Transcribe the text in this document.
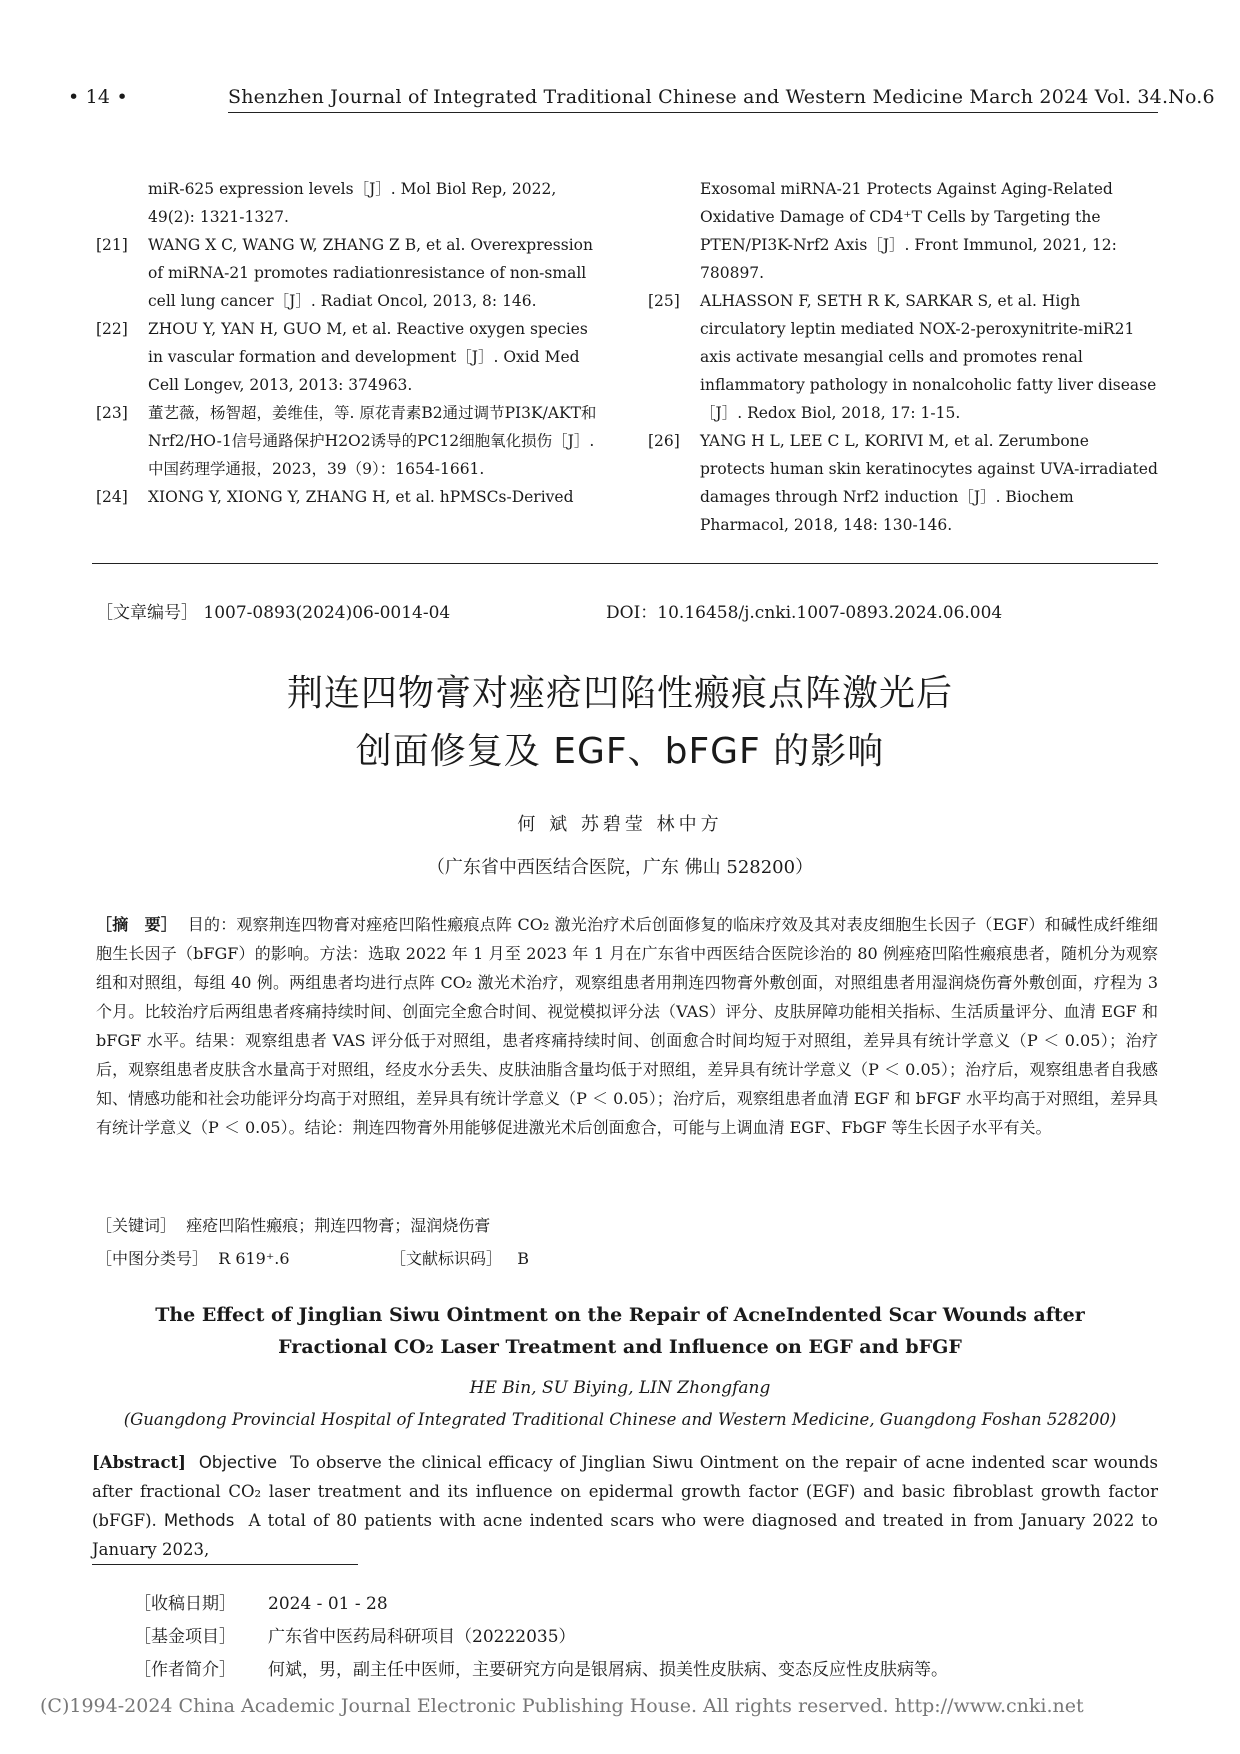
• 14 •	Shenzhen Journal of Integrated Traditional Chinese and Western Medicine March 2024 Vol. 34.No.6
miR-625 expression levels［J］. Mol Biol Rep, 2022, 49(2): 1321-1327.
[21]	WANG X C, WANG W, ZHANG Z B, et al. Overexpression of miRNA-21 promotes radiationresistance of non-small cell lung cancer［J］. Radiat Oncol, 2013, 8: 146.
[22]	ZHOU Y, YAN H, GUO M, et al. Reactive oxygen species in vascular formation and development［J］. Oxid Med Cell Longev, 2013, 2013: 374963.
[23]	董艺薇，杨智超，姜维佳，等. 原花青素B2通过调节PI3K/AKT和Nrf2/HO-1信号通路保护H2O2诱导的PC12细胞氧化损伤［J］. 中国药理学通报，2023，39（9）：1654-1661.
[24]	XIONG Y, XIONG Y, ZHANG H, et al. hPMSCs-Derived
Exosomal miRNA-21 Protects Against Aging-Related Oxidative Damage of CD4⁺T Cells by Targeting the PTEN/PI3K-Nrf2 Axis［J］. Front Immunol, 2021, 12: 780897.
[25]	ALHASSON F, SETH R K, SARKAR S, et al. High circulatory leptin mediated NOX-2-peroxynitrite-miR21 axis activate mesangial cells and promotes renal inflammatory pathology in nonalcoholic fatty liver disease［J］. Redox Biol, 2018, 17: 1-15.
[26]	YANG H L, LEE C L, KORIVI M, et al. Zerumbone protects human skin keratinocytes against UVA-irradiated damages through Nrf2 induction［J］. Biochem Pharmacol, 2018, 148: 130-146.
［文章编号］ 1007-0893(2024)06-0014-04	DOI：10.16458/j.cnki.1007-0893.2024.06.004
荆连四物膏对痤疮凹陷性瘢痕点阵激光后
创面修复及 EGF、bFGF 的影响
何 斌 苏碧莹 林中方
（广东省中西医结合医院，广东 佛山 528200）
［摘　要］ 目的：观察荆连四物膏对痤疮凹陷性瘢痕点阵 CO₂ 激光治疗术后创面修复的临床疗效及其对表皮细胞生长因子（EGF）和碱性成纤维细胞生长因子（bFGF）的影响。方法：选取 2022 年 1 月至 2023 年 1 月在广东省中西医结合医院诊治的 80 例痤疮凹陷性瘢痕患者，随机分为观察组和对照组，每组 40 例。两组患者均进行点阵 CO₂ 激光术治疗，观察组患者用荆连四物膏外敷创面，对照组患者用湿润烧伤膏外敷创面，疗程为 3 个月。比较治疗后两组患者疼痛持续时间、创面完全愈合时间、视觉模拟评分法（VAS）评分、皮肤屏障功能相关指标、生活质量评分、血清 EGF 和 bFGF 水平。结果：观察组患者 VAS 评分低于对照组，患者疼痛持续时间、创面愈合时间均短于对照组，差异具有统计学意义（P ＜ 0.05）；治疗后，观察组患者皮肤含水量高于对照组，经皮水分丢失、皮肤油脂含量均低于对照组，差异具有统计学意义（P ＜ 0.05）；治疗后，观察组患者自我感知、情感功能和社会功能评分均高于对照组，差异具有统计学意义（P ＜ 0.05）；治疗后，观察组患者血清 EGF 和 bFGF 水平均高于对照组，差异具有统计学意义（P ＜ 0.05）。结论：荆连四物膏外用能够促进激光术后创面愈合，可能与上调血清 EGF、FbGF 等生长因子水平有关。
［关键词］ 痤疮凹陷性瘢痕；荆连四物膏；湿润烧伤膏
［中图分类号］ R 619⁺.6	［文献标识码］ B
The Effect of Jinglian Siwu Ointment on the Repair of AcneIndented Scar Wounds after Fractional CO₂ Laser Treatment and Influence on EGF and bFGF
HE Bin, SU Biying, LIN Zhongfang
(Guangdong Provincial Hospital of Integrated Traditional Chinese and Western Medicine, Guangdong Foshan 528200)
[Abstract] Objective To observe the clinical efficacy of Jinglian Siwu Ointment on the repair of acne indented scar wounds after fractional CO₂ laser treatment and its influence on epidermal growth factor (EGF) and basic fibroblast growth factor (bFGF). Methods A total of 80 patients with acne indented scars who were diagnosed and treated in from January 2022 to January 2023,
［收稿日期］	2024 - 01 - 28
［基金项目］	广东省中医药局科研项目（20222035）
［作者简介］	何斌，男，副主任中医师，主要研究方向是银屑病、损美性皮肤病、变态反应性皮肤病等。
(C)1994-2024 China Academic Journal Electronic Publishing House. All rights reserved. http://www.cnki.net
